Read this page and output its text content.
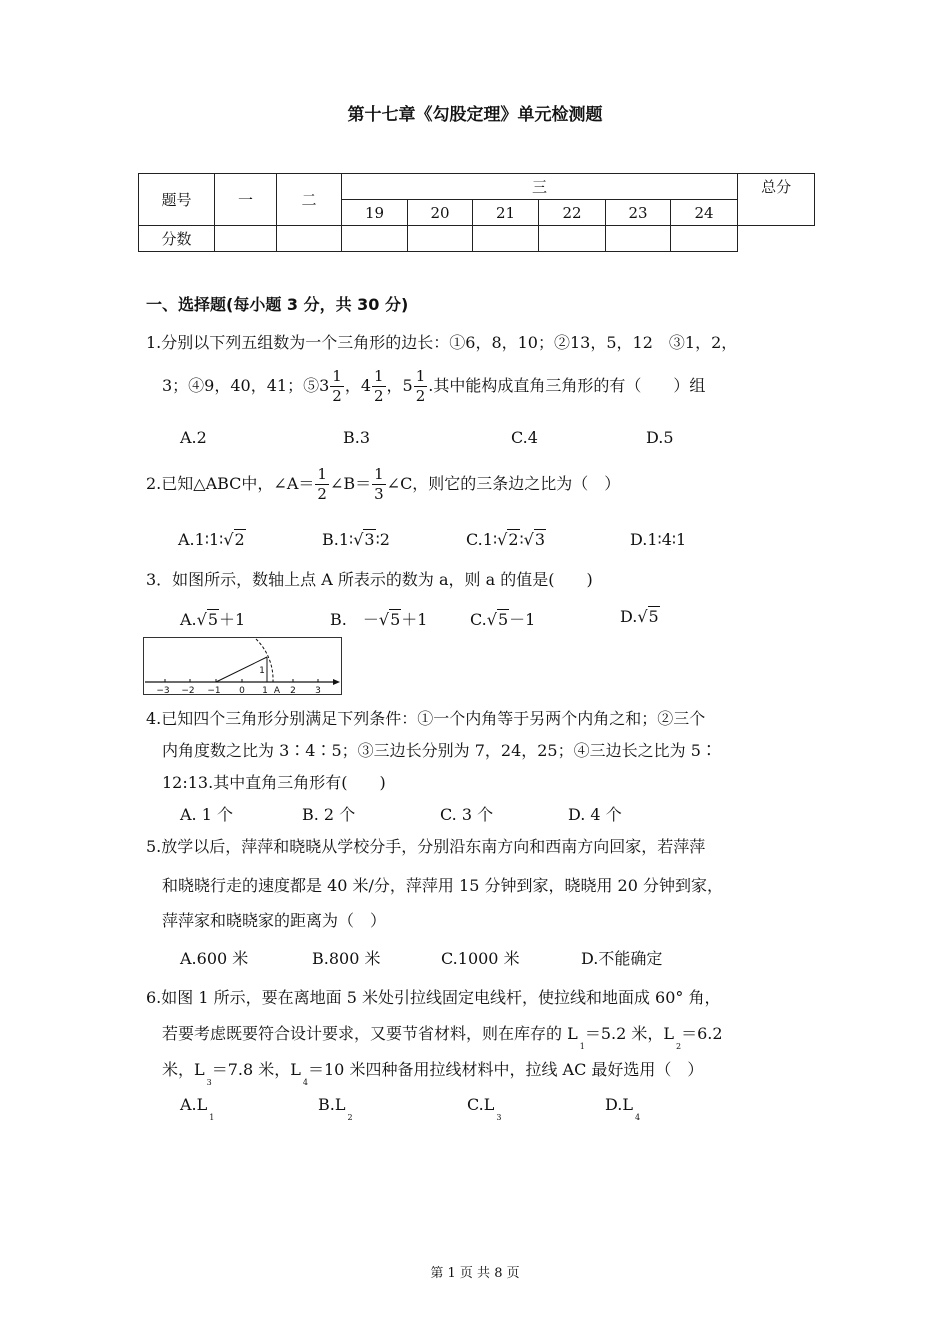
第十七章《勾股定理》单元检测题
题号	一	二	三						总分
			19	20	21	22	23	24	
分数									
一、选择题(每小题 3 分，共 30 分)
1.分别以下列五组数为一个三角形的边长：①6，8，10；②13，5，12　③1，2，
3；④9，40，41；⑤3 $\frac{1}{2}$ ，$4 \frac{1}{2}$ ，$5 \frac{1}{2}$ .其中能构成直角三角形的有（　　）组
A.2	B.3	C.4	D.5
2.已知△ABC中，∠A＝ $\frac{1}{2}$ ∠B＝ $\frac{1}{3}$ ∠C，则它的三条边之比为（　）
A.1∶1∶√2	B.1∶√3∶2	C.1∶√2∶√3	D.1∶4∶1
3．如图所示，数轴上点 A 所表示的数为 a，则 a 的值是(　　)
A.√5＋1	B.　－√5＋1	C.√5－1	D.√5
−3 −2 −1 0 1 2 3
A
1
4.已知四个三角形分别满足下列条件：①一个内角等于另两个内角之和；②三个
内角度数之比为 3∶4∶5；③三边长分别为 7，24，25；④三边长之比为 5∶
12:13.其中直角三角形有(　　)
A. 1 个	B. 2 个	C. 3 个	D. 4 个
5.放学以后，萍萍和晓晓从学校分手，分别沿东南方向和西南方向回家，若萍萍
和晓晓行走的速度都是 40 米/分，萍萍用 15 分钟到家，晓晓用 20 分钟到家，
萍萍家和晓晓家的距离为（　）
A.600 米	B.800 米	C.1000 米	D.不能确定
6.如图 1 所示，要在离地面 5 米处引拉线固定电线杆，使拉线和地面成 60° 角，
若要考虑既要符合设计要求，又要节省材料，则在库存的 $L_1=5.2$ 米，$L_2=6.2$
米，$L_3=7.8$ 米，$L_4=10$ 米四种备用拉线材料中，拉线 AC 最好选用（　）
$A.L_1$
$B.L_2$
$C.L_3$
$D.L_4$
第 1 页 共 8 页
